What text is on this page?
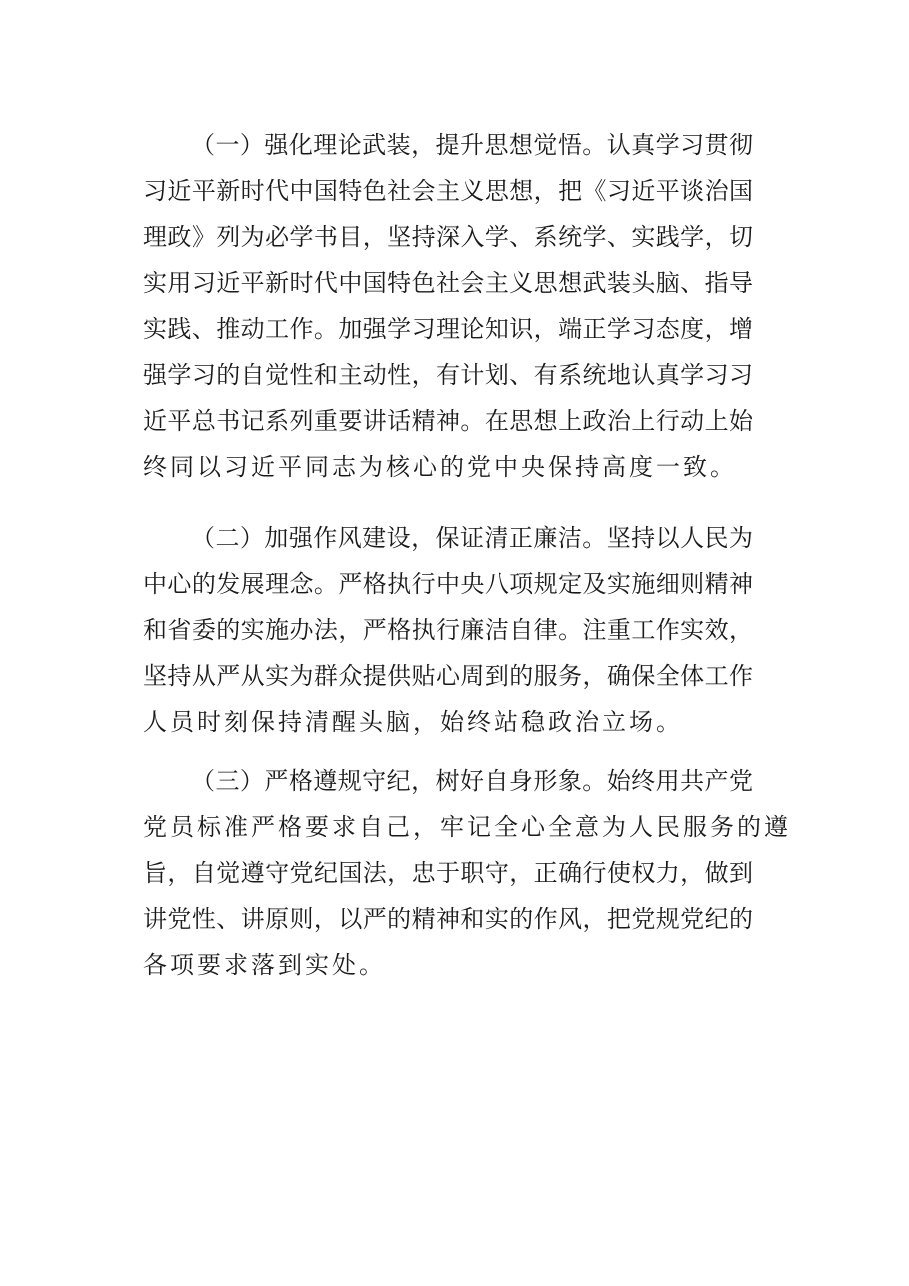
（一）强化理论武装，提升思想觉悟。认真学习贯彻
习近平新时代中国特色社会主义思想，把《习近平谈治国
理政》列为必学书目，坚持深入学、系统学、实践学，切
实用习近平新时代中国特色社会主义思想武装头脑、指导
实践、推动工作。加强学习理论知识，端正学习态度，增
强学习的自觉性和主动性，有计划、有系统地认真学习习
近平总书记系列重要讲话精神。在思想上政治上行动上始
终同以习近平同志为核心的党中央保持高度一致。
（二）加强作风建设，保证清正廉洁。坚持以人民为
中心的发展理念。严格执行中央八项规定及实施细则精神
和省委的实施办法，严格执行廉洁自律。注重工作实效，
坚持从严从实为群众提供贴心周到的服务，确保全体工作
人员时刻保持清醒头脑，始终站稳政治立场。
（三）严格遵规守纪，树好自身形象。始终用共产党
党员标准严格要求自己，牢记全心全意为人民服务的遵
旨，自觉遵守党纪国法，忠于职守，正确行使权力，做到
讲党性、讲原则，以严的精神和实的作风，把党规党纪的
各项要求落到实处。
